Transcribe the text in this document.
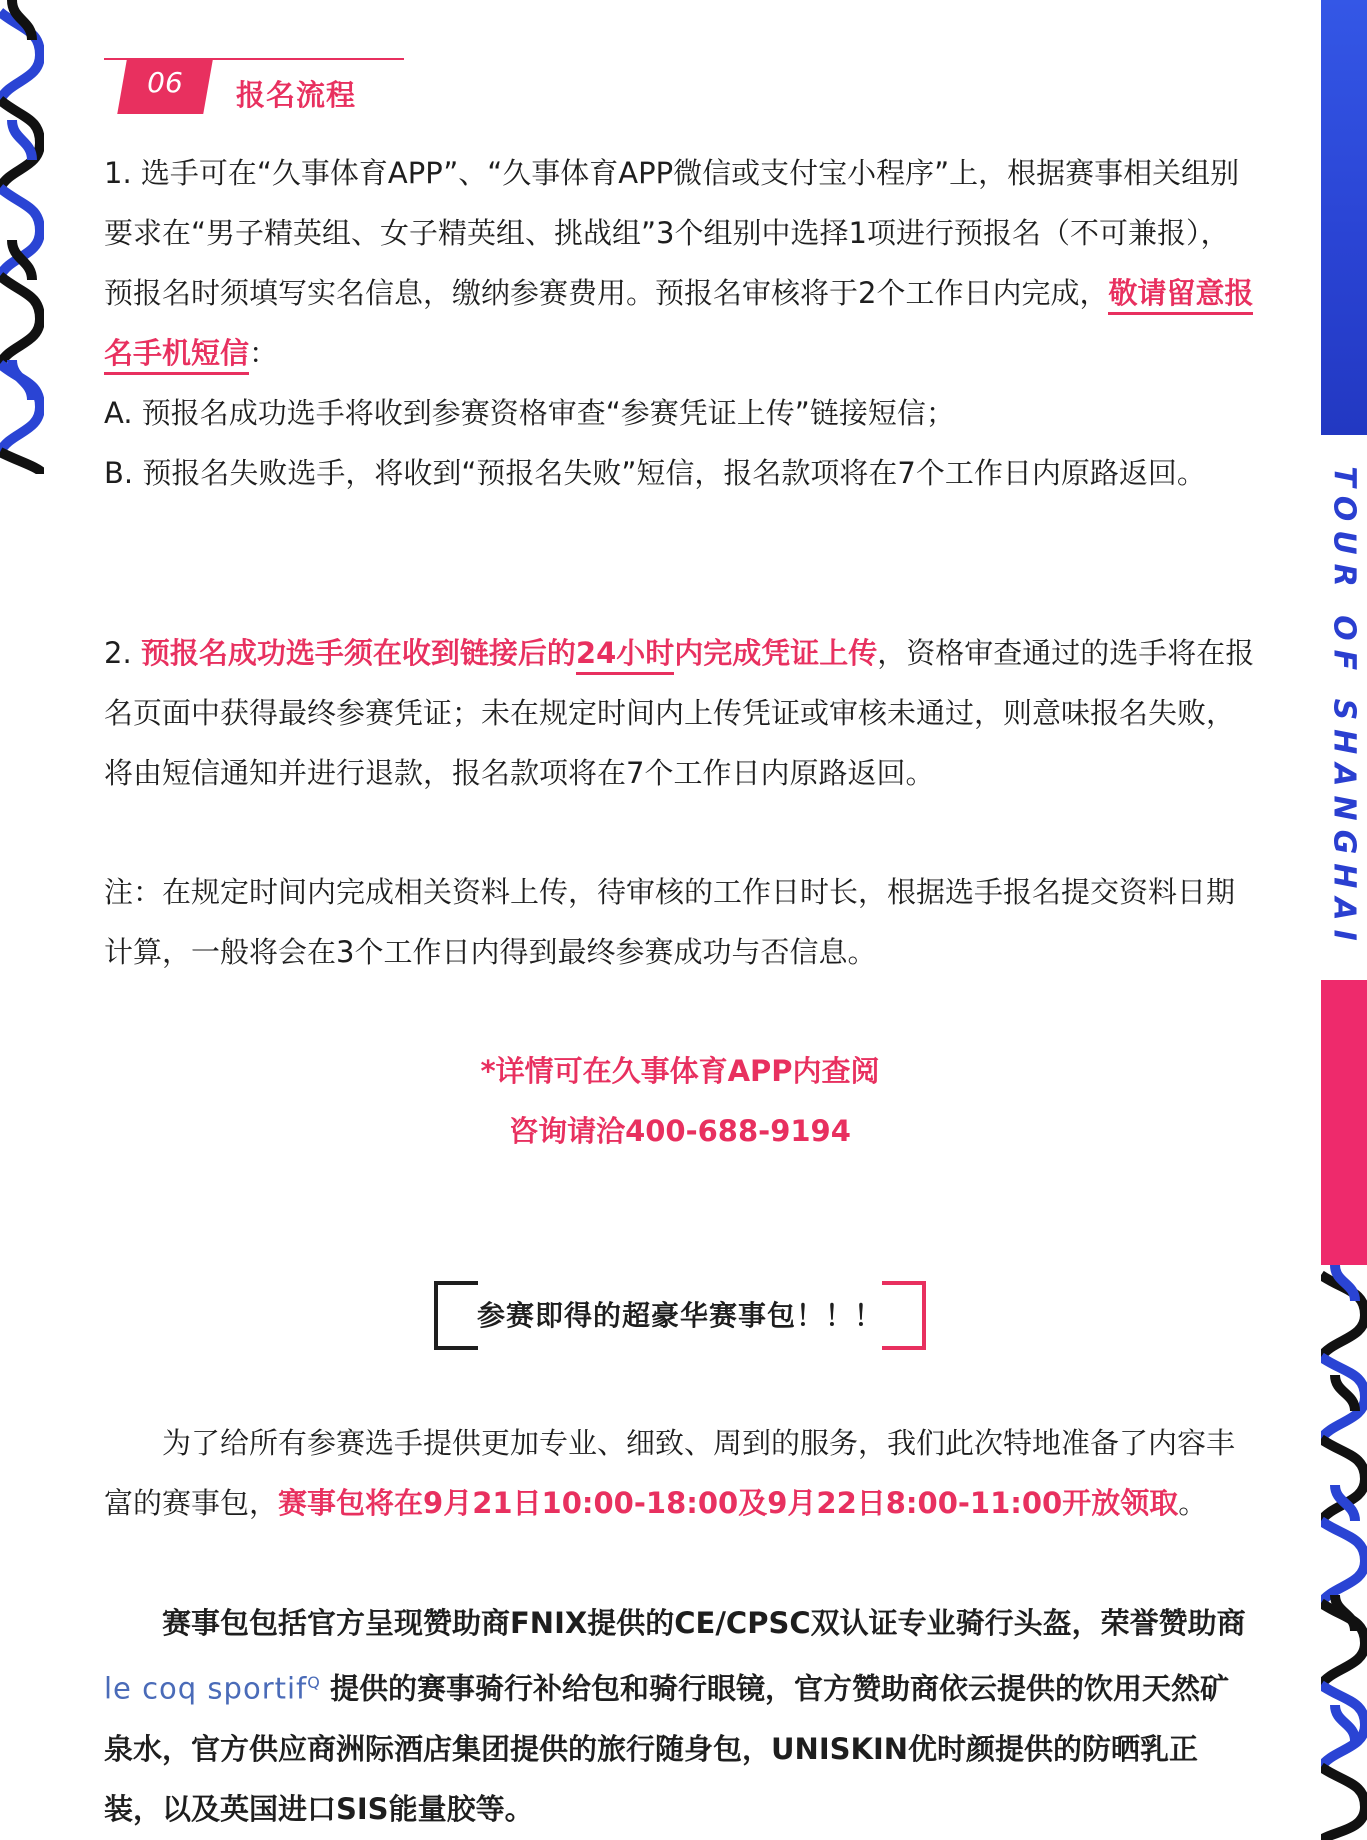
TOUR OF SHANGHAI
06	报名流程
1. 选手可在“久事体育APP”、“久事体育APP微信或支付宝小程序”上，根据赛事相关组别要求在“男子精英组、女子精英组、挑战组”3个组别中选择1项进行预报名（不可兼报），预报名时须填写实名信息，缴纳参赛费用。预报名审核将于2个工作日内完成，敬请留意报名手机短信：
A. 预报名成功选手将收到参赛资格审查“参赛凭证上传”链接短信；
B. 预报名失败选手，将收到“预报名失败”短信，报名款项将在7个工作日内原路返回。
2. 预报名成功选手须在收到链接后的24小时内完成凭证上传，资格审查通过的选手将在报名页面中获得最终参赛凭证；未在规定时间内上传凭证或审核未通过，则意味报名失败，将由短信通知并进行退款，报名款项将在7个工作日内原路返回。
注：在规定时间内完成相关资料上传，待审核的工作日时长，根据选手报名提交资料日期计算，一般将会在3个工作日内得到最终参赛成功与否信息。
*详情可在久事体育APP内查阅
咨询请洽400-688-9194
参赛即得的超豪华赛事包！！！
为了给所有参赛选手提供更加专业、细致、周到的服务，我们此次特地准备了内容丰富的赛事包，赛事包将在9月21日10:00-18:00及9月22日8:00-11:00开放领取。
赛事包包括官方呈现赞助商FNIX提供的CE/CPSC双认证专业骑行头盔，荣誉赞助商le coq sportif$^Q$ 提供的赛事骑行补给包和骑行眼镜，官方赞助商依云提供的饮用天然矿泉水，官方供应商洲际酒店集团提供的旅行随身包，UNISKIN优时颜提供的防晒乳正装，以及英国进口SIS能量胶等。
